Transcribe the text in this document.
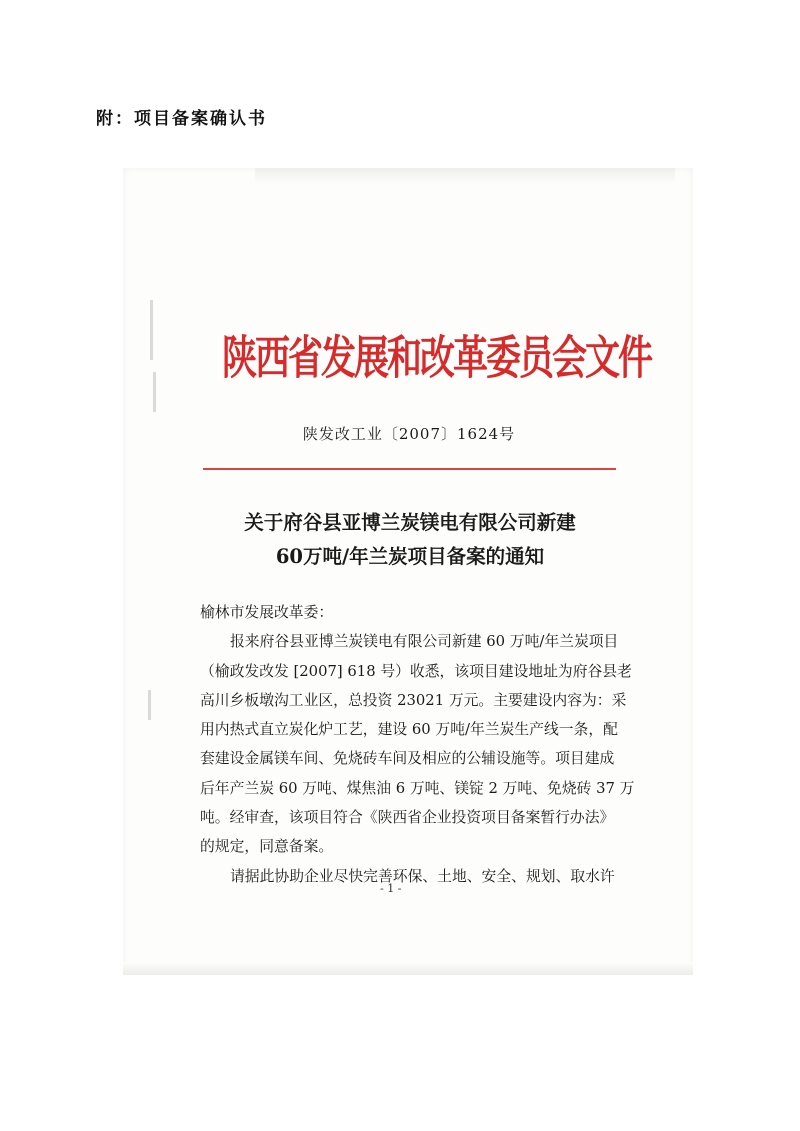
附：项目备案确认书
陕西省发展和改革委员会文件
陕发改工业〔2007〕1624号
关于府谷县亚博兰炭镁电有限公司新建
60万吨/年兰炭项目备案的通知

榆林市发展改革委：

报来府谷县亚博兰炭镁电有限公司新建 60 万吨/年兰炭项目

（榆政发改发 [2007] 618 号）收悉，该项目建设地址为府谷县老

高川乡板墩沟工业区，总投资 23021 万元。主要建设内容为：采

用内热式直立炭化炉工艺，建设 60 万吨/年兰炭生产线一条，配

套建设金属镁车间、免烧砖车间及相应的公辅设施等。项目建成

后年产兰炭 60 万吨、煤焦油 6 万吨、镁锭 2 万吨、免烧砖 37 万

吨。经审查，该项目符合《陕西省企业投资项目备案暂行办法》

的规定，同意备案。

请据此协助企业尽快完善环保、土地、安全、规划、取水许

- 1 -
